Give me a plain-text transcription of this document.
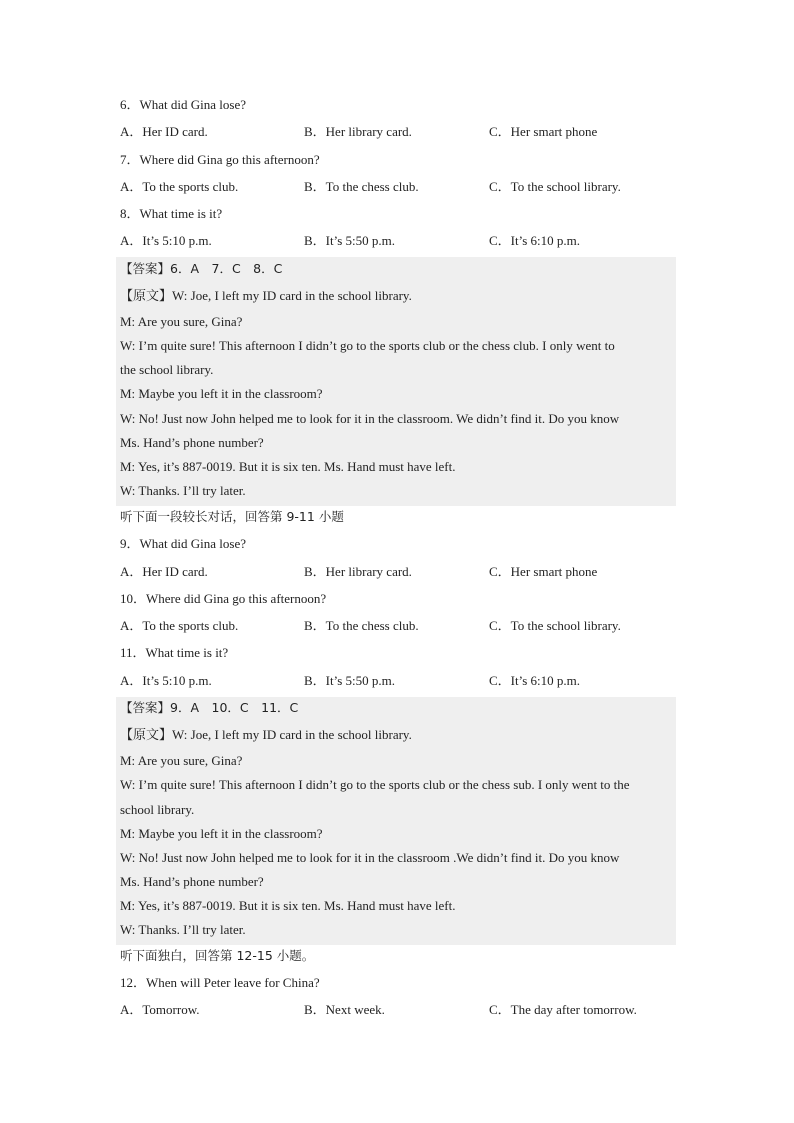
6．What did Gina lose?
A．Her ID card.	B．Her library card.	C．Her smart phone
7．Where did Gina go this afternoon?
A．To the sports club.	B．To the chess club.	C．To the school library.
8．What time is it?
A．It’s 5:10 p.m.	B．It’s 5:50 p.m.	C．It’s 6:10 p.m.
【答案】6．A　7．C　8．C
【原文】W: Joe, I left my ID card in the school library.
M: Are you sure, Gina?
W: I’m quite sure! This afternoon I didn’t go to the sports club or the chess club. I only went to
the school library.
M: Maybe you left it in the classroom?
W: No! Just now John helped me to look for it in the classroom. We didn’t find it. Do you know
Ms. Hand’s phone number?
M: Yes, it’s 887-0019. But it is six ten. Ms. Hand must have left.
W: Thanks. I’ll try later.
听下面一段较长对话，回答第 9-11 小题
9．What did Gina lose?
A．Her ID card.	B．Her library card.	C．Her smart phone
10．Where did Gina go this afternoon?
A．To the sports club.	B．To the chess club.	C．To the school library.
11．What time is it?
A．It’s 5:10 p.m.	B．It’s 5:50 p.m.	C．It’s 6:10 p.m.
【答案】9．A　10．C　11．C
【原文】W: Joe, I left my ID card in the school library.
M: Are you sure, Gina?
W: I’m quite sure! This afternoon I didn’t go to the sports club or the chess sub. I only went to the
school library.
M: Maybe you left it in the classroom?
W: No! Just now John helped me to look for it in the classroom .We didn’t find it. Do you know
Ms. Hand’s phone number?
M: Yes, it’s 887-0019. But it is six ten. Ms. Hand must have left.
W: Thanks. I’ll try later.
听下面独白，回答第 12-15 小题。
12．When will Peter leave for China?
A．Tomorrow.	B．Next week.	C．The day after tomorrow.
